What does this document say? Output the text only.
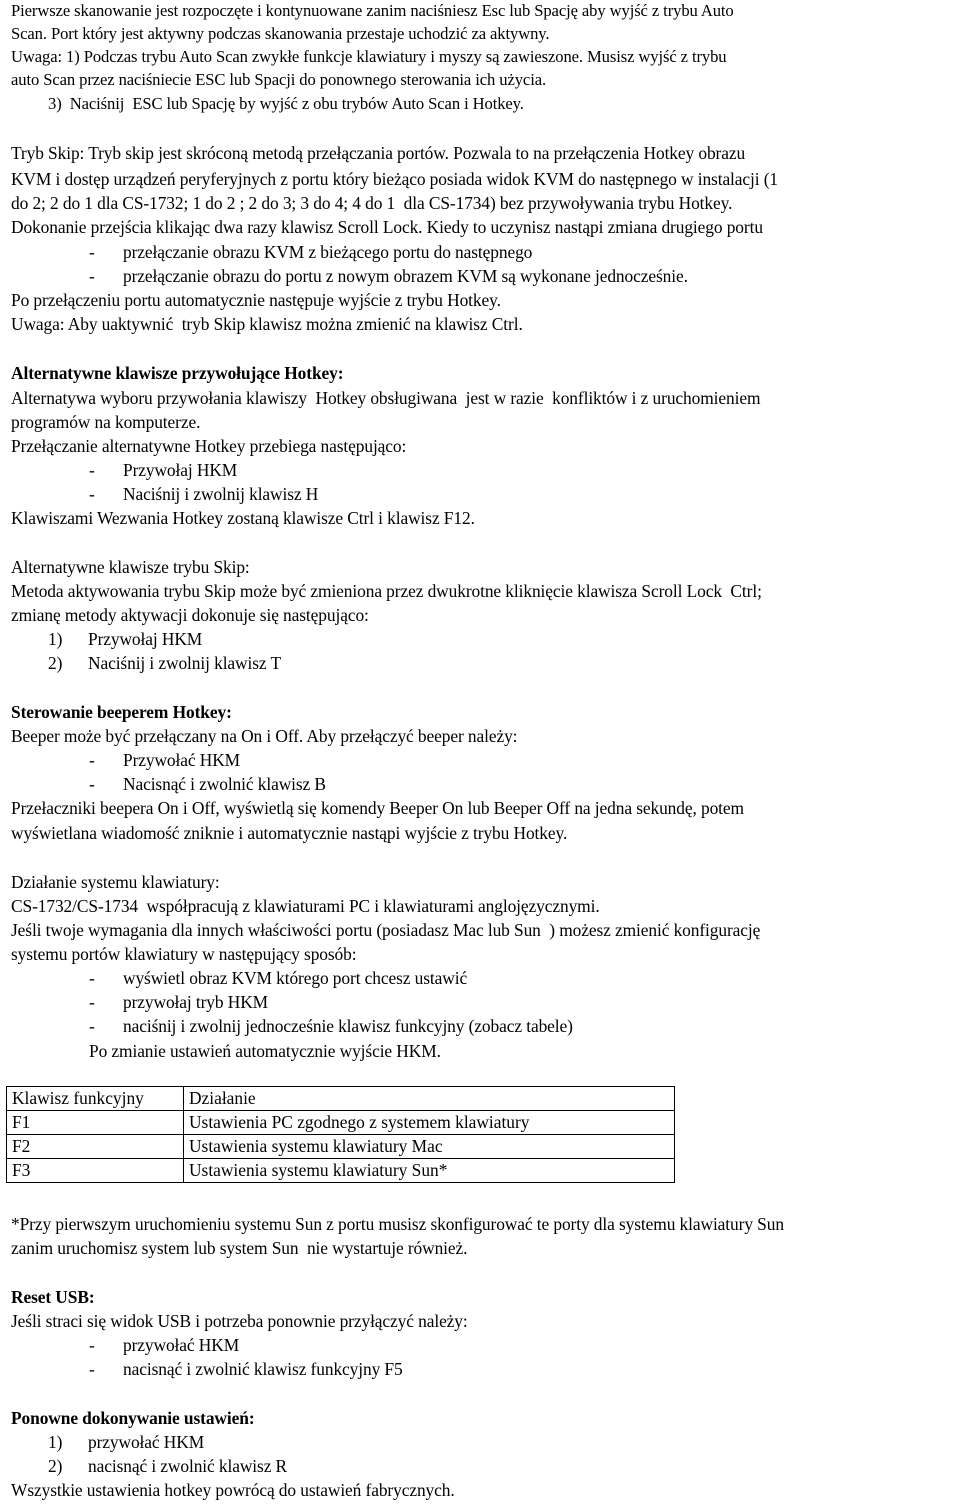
Pierwsze skanowanie jest rozpoczęte i kontynuowane zanim naciśniesz Esc lub Spację aby wyjść z trybu Auto
Scan. Port który jest aktywny podczas skanowania przestaje uchodzić za aktywny.
Uwaga: 1) Podczas trybu Auto Scan zwykłe funkcje klawiatury i myszy są zawieszone. Musisz wyjść z trybu
auto Scan przez naciśniecie ESC lub Spacji do ponownego sterowania ich użycia.
3)  Naciśnij  ESC lub Spację by wyjść z obu trybów Auto Scan i Hotkey.
Tryb Skip: Tryb skip jest skróconą metodą przełączania portów. Pozwala to na przełączenia Hotkey obrazu
KVM i dostęp urządzeń peryferyjnych z portu który bieżąco posiada widok KVM do następnego w instalacji (1
do 2; 2 do 1 dla CS-1732; 1 do 2 ; 2 do 3; 3 do 4; 4 do 1  dla CS-1734) bez przywoływania trybu Hotkey.
Dokonanie przejścia klikając dwa razy klawisz Scroll Lock. Kiedy to uczynisz nastąpi zmiana drugiego portu
- przełączanie obrazu KVM z bieżącego portu do następnego
- przełączanie obrazu do portu z nowym obrazem KVM są wykonane jednocześnie.
Po przełączeniu portu automatycznie następuje wyjście z trybu Hotkey.
Uwaga: Aby uaktywnić  tryb Skip klawisz można zmienić na klawisz Ctrl.
Alternatywne klawisze przywołujące Hotkey:
Alternatywa wyboru przywołania klawiszy  Hotkey obsługiwana  jest w razie  konfliktów i z uruchomieniem
programów na komputerze.
Przełączanie alternatywne Hotkey przebiega następująco:
- Przywołaj HKM
- Naciśnij i zwolnij klawisz H
Klawiszami Wezwania Hotkey zostaną klawisze Ctrl i klawisz F12.
Alternatywne klawisze trybu Skip:
Metoda aktywowania trybu Skip może być zmieniona przez dwukrotne kliknięcie klawisza Scroll Lock  Ctrl;
zmianę metody aktywacji dokonuje się następująco:
1) Przywołaj HKM
2) Naciśnij i zwolnij klawisz T
Sterowanie beeperem Hotkey:
Beeper może być przełączany na On i Off. Aby przełączyć beeper należy:
- Przywołać HKM
- Nacisnąć i zwolnić klawisz B
Przełaczniki beepera On i Off, wyświetlą się komendy Beeper On lub Beeper Off na jedna sekundę, potem
wyświetlana wiadomość zniknie i automatycznie nastąpi wyjście z trybu Hotkey.
Działanie systemu klawiatury:
CS-1732/CS-1734  współpracują z klawiaturami PC i klawiaturami anglojęzycznymi.
Jeśli twoje wymagania dla innych właściwości portu (posiadasz Mac lub Sun  ) możesz zmienić konfigurację
systemu portów klawiatury w następujący sposób:
- wyświetl obraz KVM którego port chcesz ustawić
- przywołaj tryb HKM
- naciśnij i zwolnij jednocześnie klawisz funkcyjny (zobacz tabele)
Po zmianie ustawień automatycznie wyjście HKM.
Klawisz funkcyjny	Działanie
F1	Ustawienia PC zgodnego z systemem klawiatury
F2	Ustawienia systemu klawiatury Mac
F3	Ustawienia systemu klawiatury Sun*
*Przy pierwszym uruchomieniu systemu Sun z portu musisz skonfigurować te porty dla systemu klawiatury Sun
zanim uruchomisz system lub system Sun  nie wystartuje również.
Reset USB:
Jeśli straci się widok USB i potrzeba ponownie przyłączyć należy:
- przywołać HKM
- nacisnąć i zwolnić klawisz funkcyjny F5
Ponowne dokonywanie ustawień:
1) przywołać HKM
2) nacisnąć i zwolnić klawisz R
Wszystkie ustawienia hotkey powrócą do ustawień fabrycznych.
